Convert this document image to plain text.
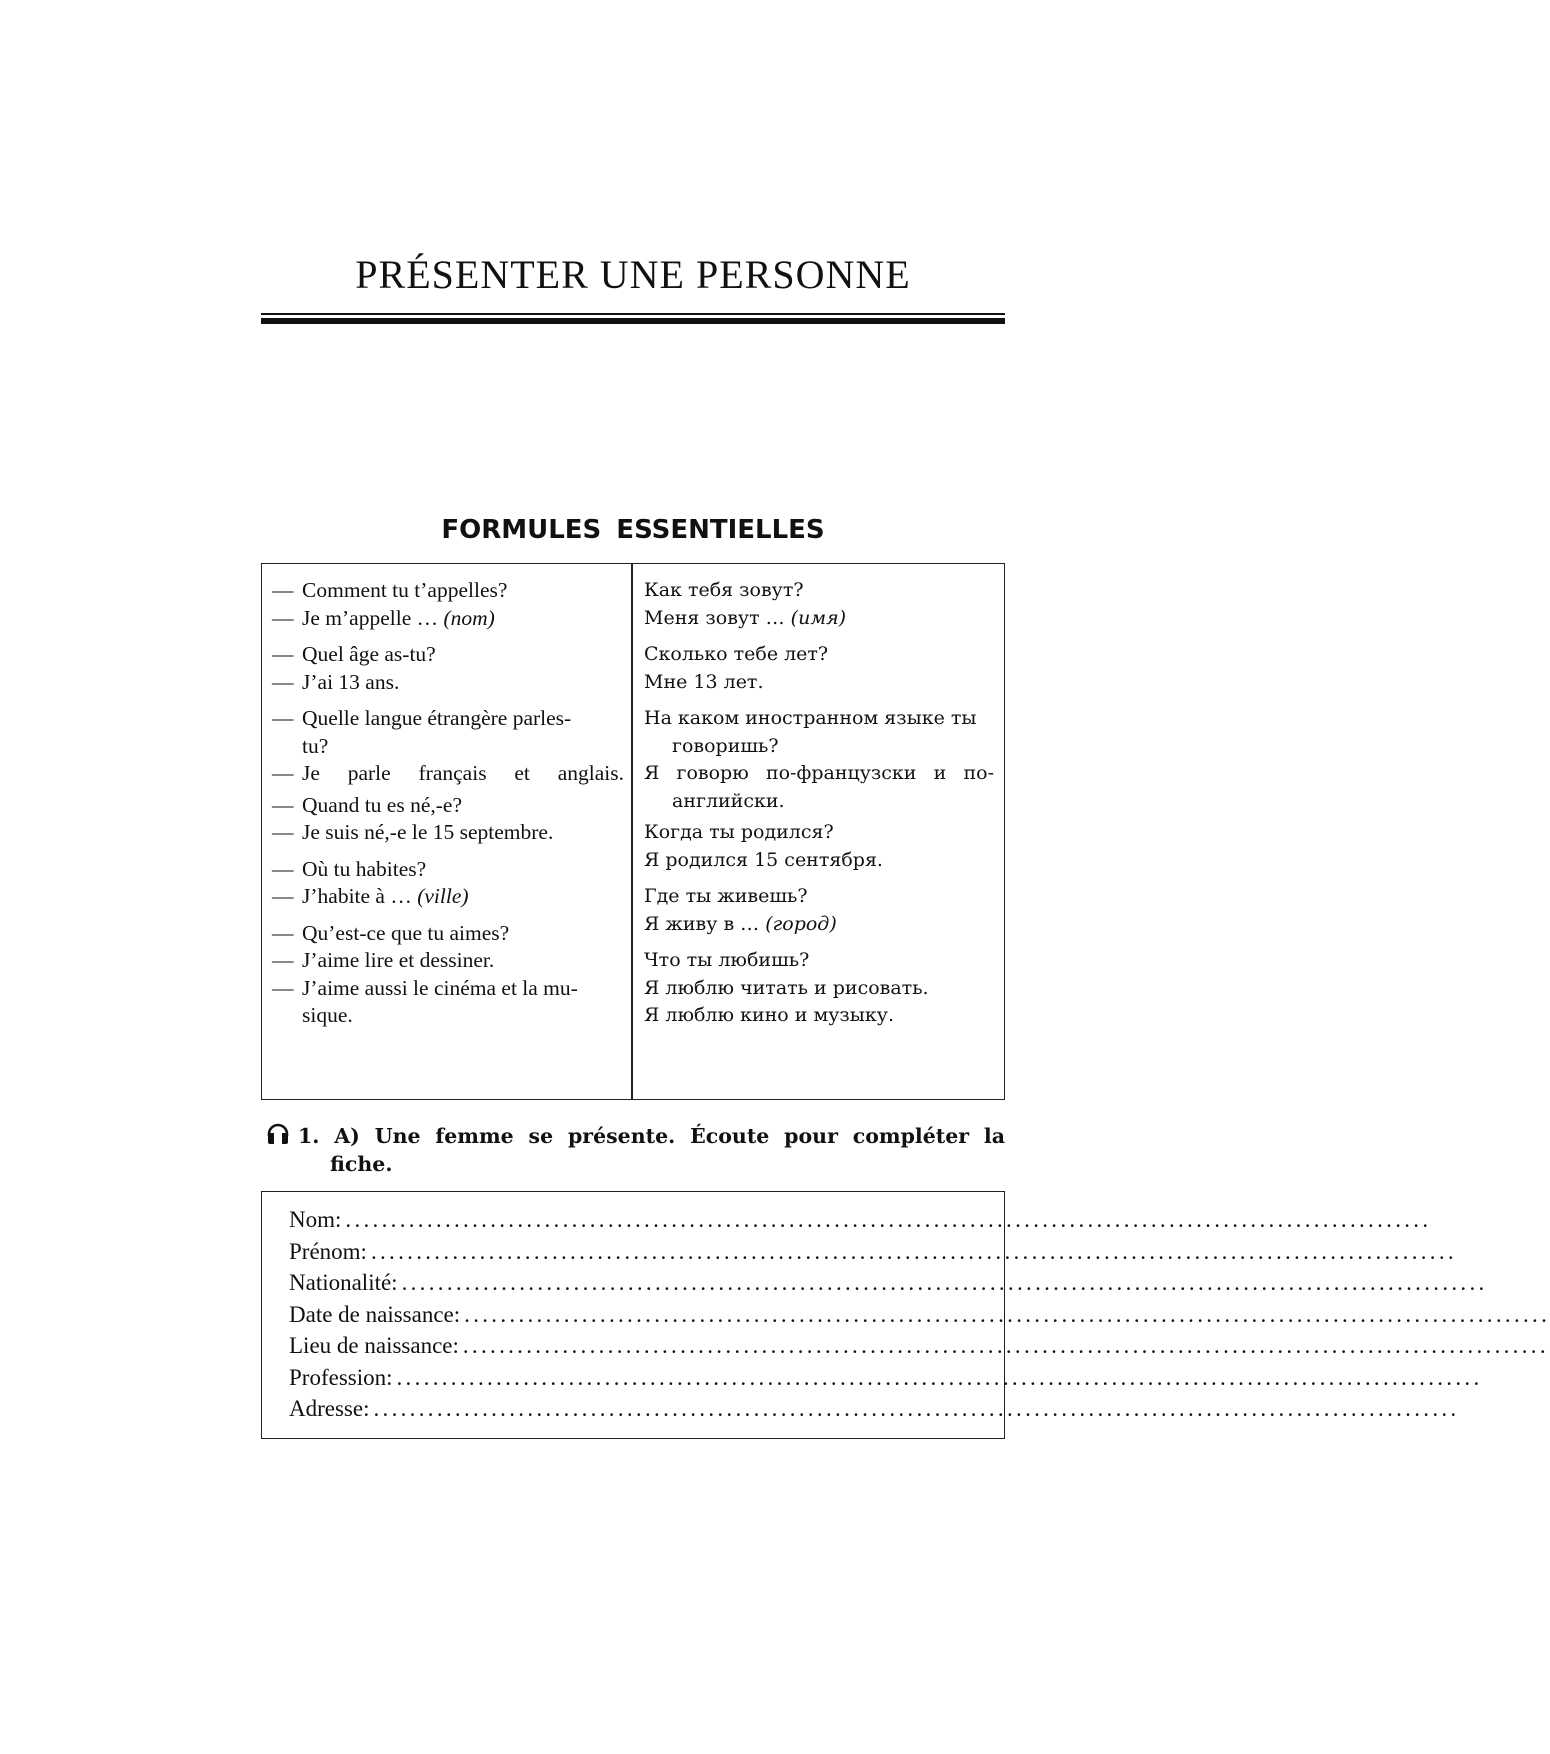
PRÉSENTER UNE PERSONNE
FORMULES ESSENTIELLES
— Comment tu t’appelles?
— Je m’appelle …
(nom)
— Quel âge as-tu?
— J’ai 13 ans.
— Quelle langue étrangère parles-
tu?
— Je parle français et anglais.
— Quand tu es né,-e?
— Je suis né,-e le 15 septembre.
— Où tu habites?
— J’habite à …
(ville)
— Qu’est-ce que tu aimes?
— J’aime lire et dessiner.
— J’aime aussi le cinéma et la mu-
sique.
Как тебя зовут?
Меня зовут …
(имя)
Сколько тебе лет?
Мне 13 лет.
На каком иностранном языке ты
говоришь?
Я говорю по-французски и по-
английски.
Когда ты родился?
Я родился 15 сентября.
Где ты живешь?
Я живу в …
(город)
Что ты любишь?
Я люблю читать и рисовать.
Я люблю кино и музыку.
1. A) Une femme se présente. Écoute pour compléter la
fiche.
Nom: ........................................................................................................................
Prénom: ........................................................................................................................
Nationalité: ........................................................................................................................
Date de naissance: ........................................................................................................................
Lieu de naissance: ........................................................................................................................
Profession: ........................................................................................................................
Adresse: ........................................................................................................................
